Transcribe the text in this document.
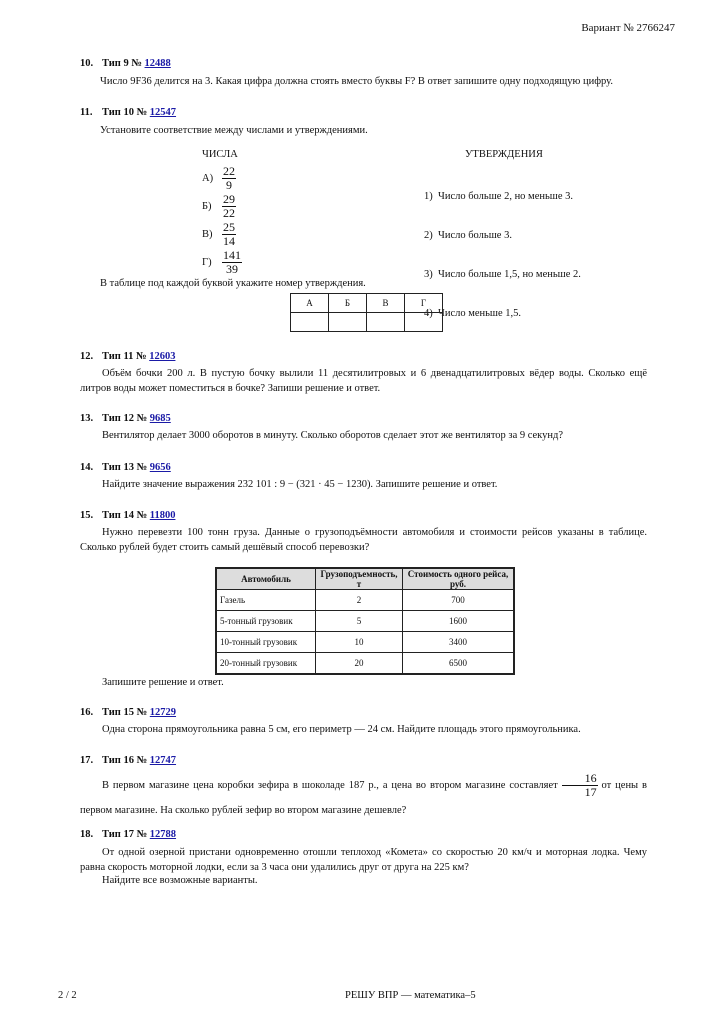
Вариант № 2766247
10. Тип 9 № 12488
Число 9F36 делится на 3. Какая цифра должна стоять вместо буквы F? В ответ запишите одну подходящую цифру.
11. Тип 10 № 12547
Установите соответствие между числами и утверждениями.
ЧИСЛА
$А) \frac{22}{9}$
$Б) \frac{29}{22}$
$В) \frac{25}{14}$
$Г) \frac{141}{39}$
УТВЕРЖДЕНИЯ

1)  Число больше 2, но меньше 3.

2)  Число больше 3.

3)  Число больше 1,5, но меньше 2.

4)  Число меньше 1,5.

В таблице под каждой буквой укажите номер утверждения.
А	Б	В	Г

12. Тип 11 № 12603
Объём бочки 200 л. В пустую бочку вылили 11 десятилитровых и 6 двенадцатилитровых вёдер воды. Сколько ещё литров воды может поместиться в бочке? Запиши решение и ответ.
13. Тип 12 № 9685
Вентилятор делает 3000 оборотов в минуту. Сколько оборотов сделает этот же вентилятор за 9 секунд?
14. Тип 13 № 9656
Найдите значение выражения 232 101 : 9 − (321 · 45 − 1230). Запишите решение и ответ.
15. Тип 14 № 11800
Нужно перевезти 100 тонн груза. Данные о грузоподъёмности автомобиля и стоимости рейсов указаны в таблице. Сколько рублей будет стоить самый дешёвый способ перевозки?
Автомобиль	Грузоподъемность, т	Стоимость одного рейса, руб.
Газель	2	700
5-тонный грузовик	5	1600
10-тонный грузовик	10	3400
20-тонный грузовик	20	6500
Запишите решение и ответ.
16. Тип 15 № 12729
Одна сторона прямоугольника равна 5 см, его периметр — 24 см. Найдите площадь этого прямоугольника.
17. Тип 16 № 12747
В первом магазине цена коробки зефира в шоколаде 187 р., а цена во втором магазине составляет $\frac{16}{17}$ от цены в первом магазине. На сколько рублей зефир во втором магазине дешевле?
18. Тип 17 № 12788
От одной озерной пристани одновременно отошли теплоход «Комета» со скоростью 20 км/ч и моторная лодка. Чему равна скорость моторной лодки, если за 3 часа они удалились друг от друга на 225 км?
Найдите все возможные варианты.
2 / 2	РЕШУ ВПР — математика–5
